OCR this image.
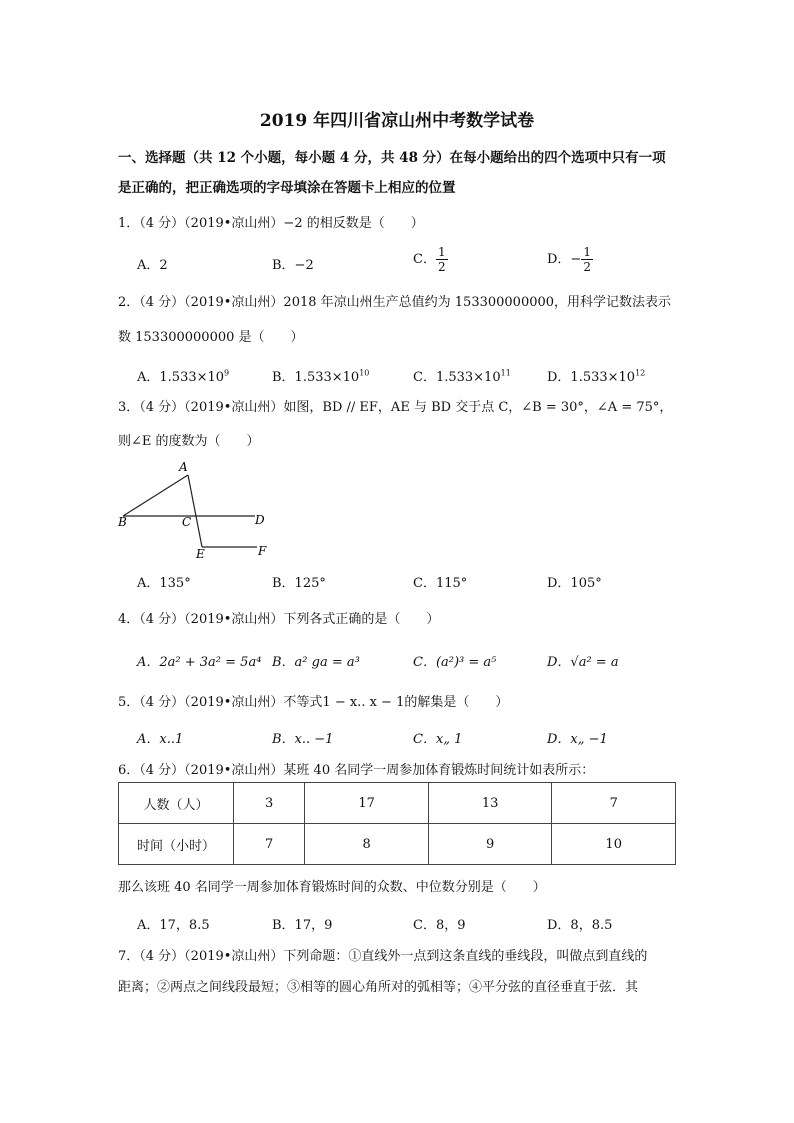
2019 年四川省凉山州中考数学试卷
一、选择题（共 12 个小题，每小题 4 分，共 48 分）在每小题给出的四个选项中只有一项
是正确的，把正确选项的字母填涂在答题卡上相应的位置
1．（4 分）（2019•凉山州）−2 的相反数是（　　）
A．2	B．−2	C． $\frac{1}{2}$	D．− $\frac{1}{2}$
2．（4 分）（2019•凉山州）2018 年凉山州生产总值约为 153300000000，用科学记数法表示
数 153300000000 是（　　）
A．$1.533\times 10^9$	B．$1.533\times 10^{10}$	C．$1.533\times 10^{11}$	D．$1.533\times 10^{12}$
3．（4 分）（2019•凉山州）如图，BD // EF，AE 与 BD 交于点 C，∠B = 30°，∠A = 75°，
则∠E 的度数为（　　）
A
B	C	D
E	F
A．135°	B．125°	C．115°	D．105°
4．（4 分）（2019•凉山州）下列各式正确的是（　　）
A．2a² + 3a² = 5a⁴ B．a² ga = a³	C．(a²)³ = a⁵	D．√a² = a
5．（4 分）（2019•凉山州）不等式1 − x.. x − 1的解集是（　　）
A．x..1	B．x.. −1	C．x„ 1	D．x„ −1
6．（4 分）（2019•凉山州）某班 40 名同学一周参加体育锻炼时间统计如表所示：
人数（人）	3	17	13	7
时间（小时）	7	8	9	10
那么该班 40 名同学一周参加体育锻炼时间的众数、中位数分别是（　　）
A．17，8.5	B．17，9	C．8，9	D．8，8.5
7．（4 分）（2019•凉山州）下列命题：①直线外一点到这条直线的垂线段，叫做点到直线的
距离；②两点之间线段最短；③相等的圆心角所对的弧相等；④平分弦的直径垂直于弦．其
